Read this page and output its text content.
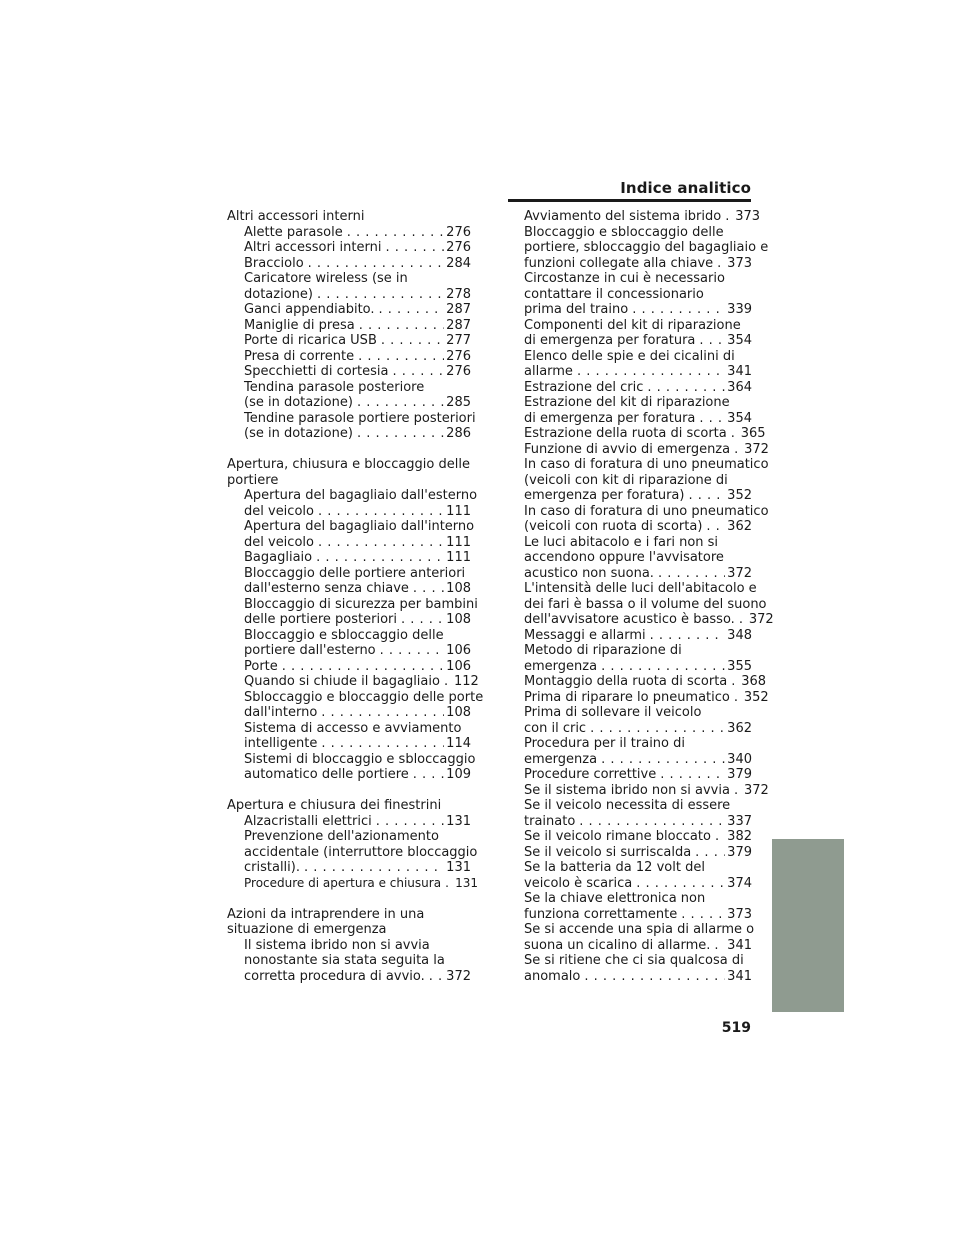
Indice analitico
Altri accessori interni
Alette parasole . . .	276
Altri accessori interni . . .	276
Bracciolo . . .	284
Caricatore wireless (se in
dotazione) . . .	278
Ganci appendiabito. . . .	287
Maniglie di presa . . .	287
Porte di ricarica USB . . .	277
Presa di corrente . . .	276
Specchietti di cortesia . . .	276
Tendina parasole posteriore
(se in dotazione) . . .	285
Tendine parasole portiere posteriori
(se in dotazione) . . .	286
Apertura, chiusura e bloccaggio delle portiere
Apertura del bagagliaio dall'esterno
del veicolo . . .	111
Apertura del bagagliaio dall'interno
del veicolo . . .	111
Bagagliaio . . .	111
Bloccaggio delle portiere anteriori
dall'esterno senza chiave . . .	108
Bloccaggio di sicurezza per bambini
delle portiere posteriori . . .	108
Bloccaggio e sbloccaggio delle
portiere dall'esterno . . .	106
Porte . . .	106
Quando si chiude il bagagliaio . . . 112
Sbloccaggio e bloccaggio delle porte
dall'interno . . .	108
Sistema di accesso e avviamento
intelligente . . .	114
Sistemi di bloccaggio e sbloccaggio
automatico delle portiere . . .	109
Apertura e chiusura dei finestrini
Alzacristalli elettrici . . .	131
Prevenzione dell'azionamento
accidentale (interruttore bloccaggio
cristalli). . . .	131
Procedure di apertura e chiusura . . . 131
Azioni da intraprendere in una situazione di emergenza
Il sistema ibrido non si avvia
nonostante sia stata seguita la
corretta procedura di avvio. . . . 372
Avviamento del sistema ibrido . . . 373
Bloccaggio e sbloccaggio delle
portiere, sbloccaggio del bagagliaio e
funzioni collegate alla chiave . . . 373
Circostanze in cui è necessario
contattare il concessionario
prima del traino . . .	339
Componenti del kit di riparazione
di emergenza per foratura . . . 354
Elenco delle spie e dei cicalini di
allarme . . .	341
Estrazione del cric . . .	364
Estrazione del kit di riparazione
di emergenza per foratura . . . 354
Estrazione della ruota di scorta . . . 365
Funzione di avvio di emergenza . . . 372
In caso di foratura di uno pneumatico
(veicoli con kit di riparazione di
emergenza per foratura) . . .	352
In caso di foratura di uno pneumatico
(veicoli con ruota di scorta) . . . 362
Le luci abitacolo e i fari non si
accendono oppure l'avvisatore
acustico non suona. . . .	372
L'intensità delle luci dell'abitacolo e
dei fari è bassa o il volume del suono
dell'avvisatore acustico è basso. . . . 372
Messaggi e allarmi . . .	348
Metodo di riparazione di
emergenza . . .	355
Montaggio della ruota di scorta . . . 368
Prima di riparare lo pneumatico . . . 352
Prima di sollevare il veicolo
con il cric . . .	362
Procedura per il traino di
emergenza . . .	340
Procedure correttive . . .	379
Se il sistema ibrido non si avvia . . . 372
Se il veicolo necessita di essere
trainato . . .	337
Se il veicolo rimane bloccato . . . 382
Se il veicolo si surriscalda . . .	379
Se la batteria da 12 volt del
veicolo è scarica . . .	374
Se la chiave elettronica non
funziona correttamente . . .	373
Se si accende una spia di allarme o
suona un cicalino di allarme. . . . 341
Se si ritiene che ci sia qualcosa di
anomalo . . .	341
519
